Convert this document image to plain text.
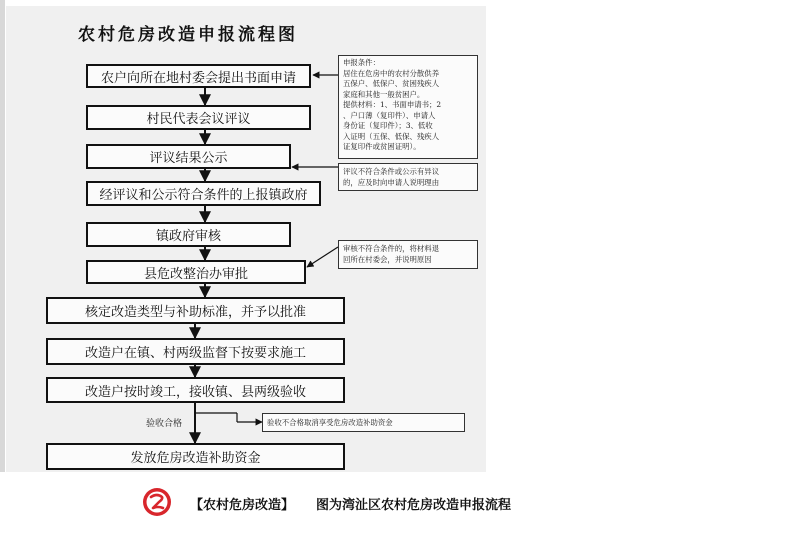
农村危房改造申报流程图
农户向所在地村委会提出书面申请
村民代表会议评议
评议结果公示
经评议和公示符合条件的上报镇政府
镇政府审核
县危改整治办审批
核定改造类型与补助标准，并予以批准
改造户在镇、村两级监督下按要求施工
改造户按时竣工，接收镇、县两级验收
发放危房改造补助资金
申报条件：
居住在危房中的农村分散供养
五保户、低保户、贫困残疾人
家庭和其他一般贫困户。
提供材料：1、书面申请书；2
、户口薄（复印件）、申请人
身份证（复印件）；3、低收
入证明（五保、低保、残疾人
证复印件或贫困证明）。
评议不符合条件或公示有异议
的，应及时向申请人说明理由
审核不符合条件的，将材料退
回所在村委会，并说明原因
验收不合格取消享受危房改造补助资金
验收合格
【农村危房改造】 图为湾沚区农村危房改造申报流程
